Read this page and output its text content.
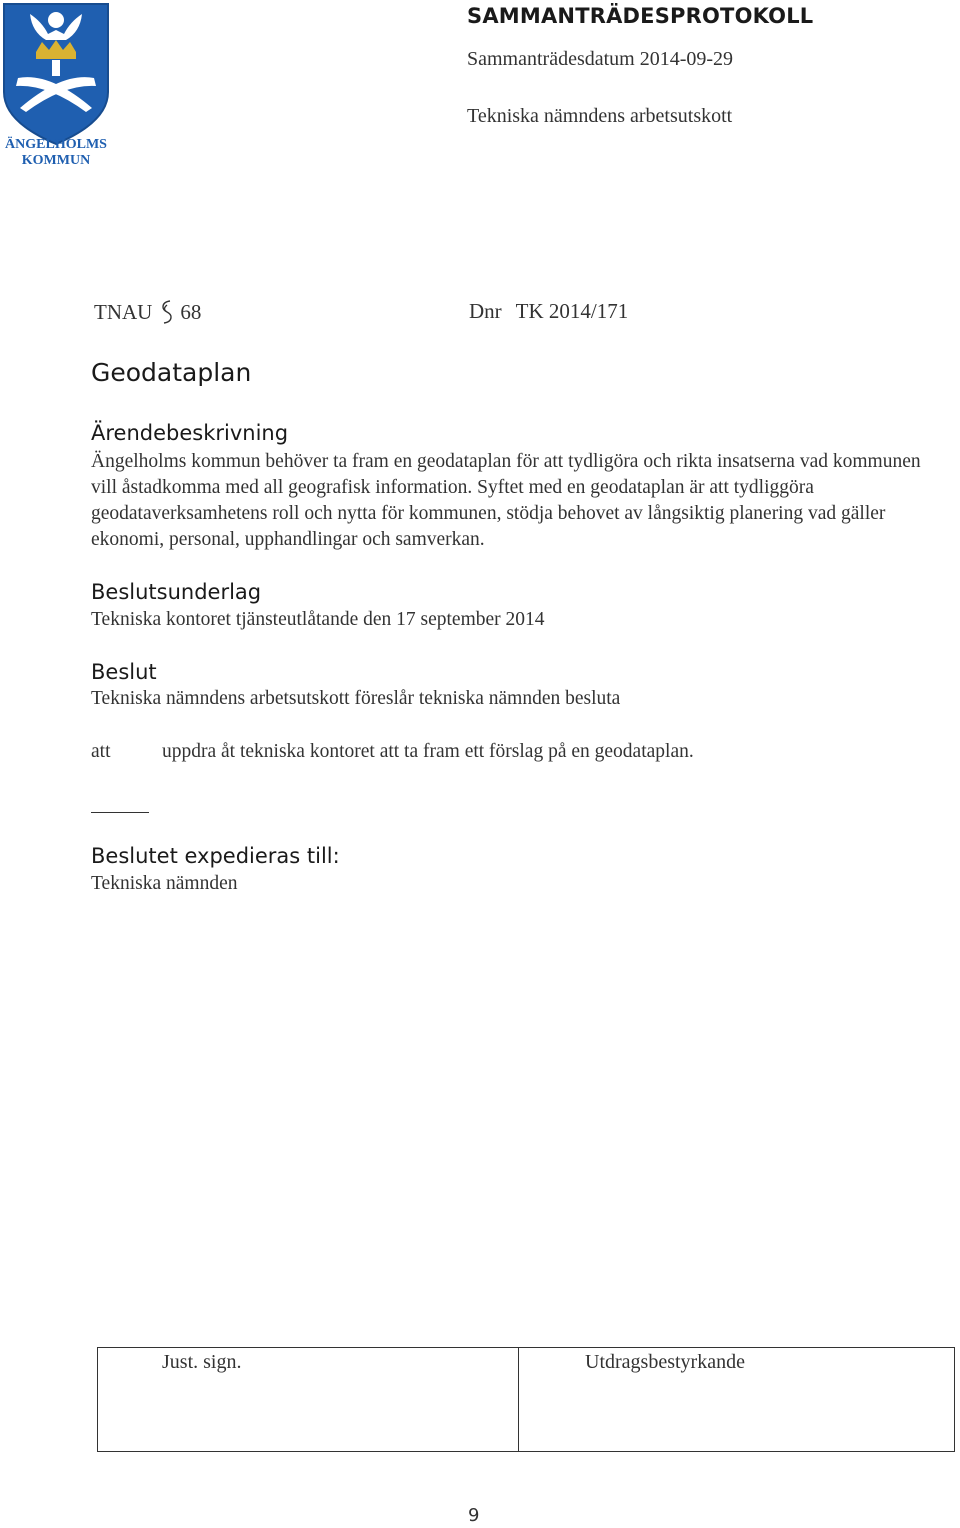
ÄNGELHOLMS
KOMMUN
SAMMANTRÄDESPROTOKOLL
Sammanträdesdatum 2014-09-29
Tekniska nämndens arbetsutskott
TNAU 68	Dnr TK 2014/171
Geodataplan
Ärendebeskrivning

Ängelholms kommun behöver ta fram en geodataplan för att tydligöra och rikta insatserna vad kommunen vill åstadkomma med all geografisk information. Syftet med en geodataplan är att tydliggöra geodataverksamhetens roll och nytta för kommunen, stödja behovet av långsiktig planering vad gäller ekonomi, personal, upphandlingar och samverkan.

Beslutsunderlag

Tekniska kontoret tjänsteutlåtande den 17 september 2014

Beslut

Tekniska nämndens arbetsutskott föreslår tekniska nämnden besluta

att	uppdra åt tekniska kontoret att ta fram ett förslag på en geodataplan.

Beslutet expedieras till:

Tekniska nämnden

Just. sign.	Utdragsbestyrkande
9
